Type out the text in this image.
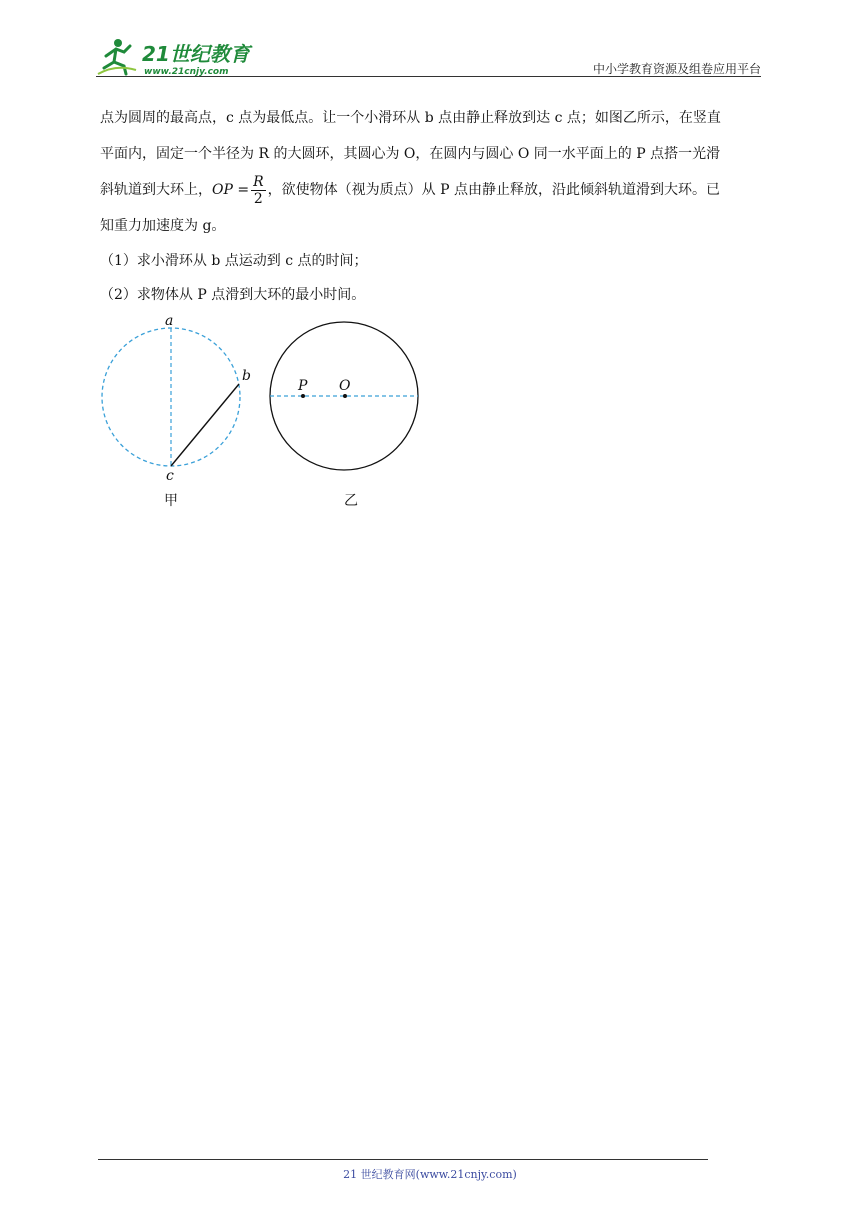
21世纪教育
www.21cnjy.com	中小学教育资源及组卷应用平台

点为圆周的最高点，c 点为最低点。让一个小滑环从 b 点由静止释放到达 c 点；如图乙所示，在竖直
平面内，固定一个半径为 R 的大圆环，其圆心为 O，在圆内与圆心 O 同一水平面上的 P 点搭一光滑
斜轨道到大环上，OP = $\frac{R}{2}$ ，欲使物体（视为质点）从 P 点由静止释放，沿此倾斜轨道滑到大环。已
知重力加速度为 g。

（1）求小滑环从 b 点运动到 c 点的时间；

（2）求物体从 P 点滑到大环的最小时间。

a
b
c
甲
P O
乙
21 世纪教育网(www.21cnjy.com)
